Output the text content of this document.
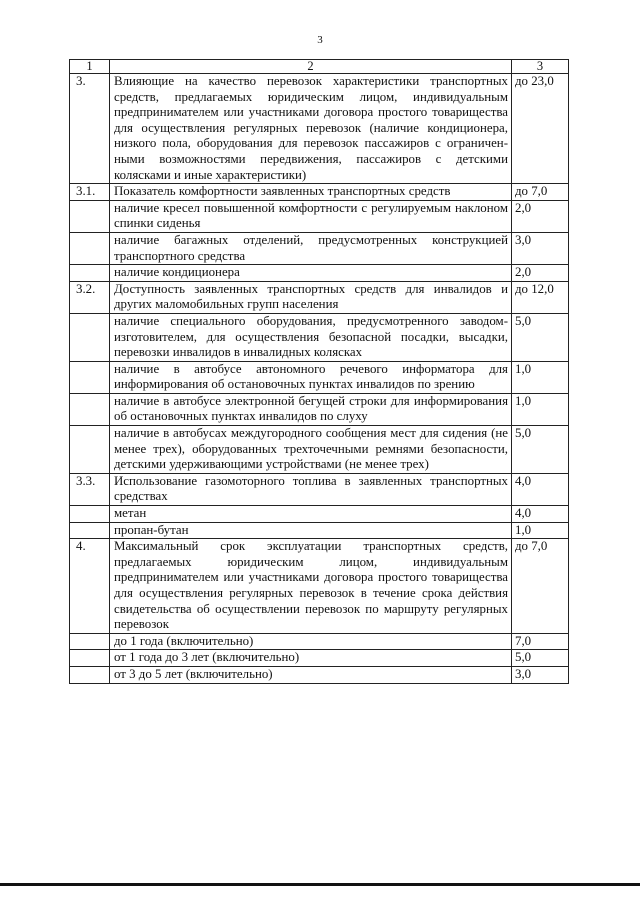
3
1	2	3
3.	Влияющие на качество перевозок характеристики транспортных средств, предлагаемых юридическим лицом, индивидуальным предпринимателем или участниками договора простого товарищества для осуществления регулярных перевозок (наличие кондиционера, низкого пола, оборудования для перевозок пассажиров с ограничен-ными возможностями передвижения, пассажиров с детскими колясками и иные характеристики)	до 23,0
3.1.	Показатель комфортности заявленных транспортных средств	до 7,0
	наличие кресел повышенной комфортности с регулируемым наклоном спинки сиденья	2,0
	наличие багажных отделений, предусмотренных конструкцией транспортного средства	3,0
	наличие кондиционера	2,0
3.2.	Доступность заявленных транспортных средств для инвалидов и других маломобильных групп населения	до 12,0
	наличие специального оборудования, предусмотренного заводом-изготовителем, для осуществления безопасной посадки, высадки, перевозки инвалидов в инвалидных колясках	5,0
	наличие в автобусе автономного речевого информатора для информирования об остановочных пунктах инвалидов по зрению	1,0
	наличие в автобусе электронной бегущей строки для информирования об остановочных пунктах инвалидов по слуху	1,0
	наличие в автобусах междугородного сообщения мест для сидения (не менее трех), оборудованных трехточечными ремнями безопасности, детскими удерживающими устройствами (не менее трех)	5,0
3.3.	Использование газомоторного топлива в заявленных транспортных средствах	4,0
	метан	4,0
	пропан-бутан	1,0
4.	Максимальный срок эксплуатации транспортных средств, предлагаемых юридическим лицом, индивидуальным предпринимателем или участниками договора простого товарищества для осуществления регулярных перевозок в течение срока действия свидетельства об осуществлении перевозок по маршруту регулярных перевозок	до 7,0
	до 1 года (включительно)	7,0
	от 1 года до 3 лет (включительно)	5,0
	от 3 до 5 лет (включительно)	3,0
